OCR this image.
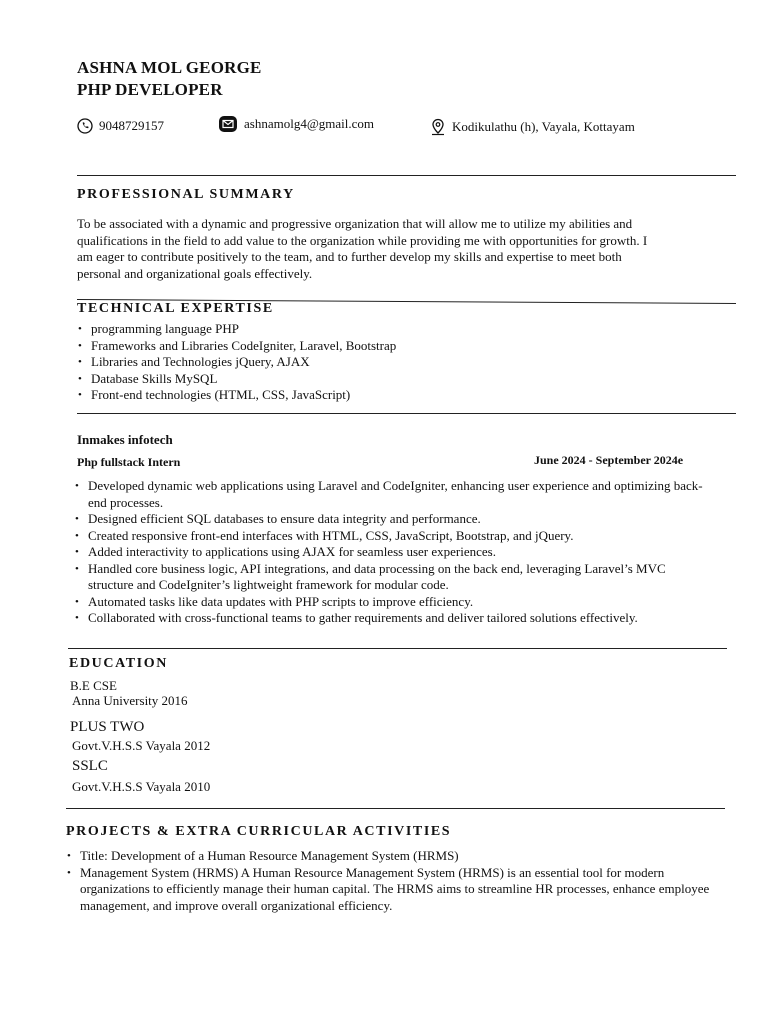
ASHNA MOL GEORGE
PHP DEVELOPER
9048729157	ashnamolg4@gmail.com	Kodikulathu (h), Vayala, Kottayam
PROFESSIONAL SUMMARY
To be associated with a dynamic and progressive organization that will allow me to utilize my abilities and
qualifications in the field to add value to the organization while providing me with opportunities for growth. I
am eager to contribute positively to the team, and to further develop my skills and expertise to meet both
personal and organizational goals effectively.
TECHNICAL EXPERTISE
• programming language PHP
• Frameworks and Libraries CodeIgniter, Laravel, Bootstrap
• Libraries and Technologies jQuery, AJAX
• Database Skills MySQL
• Front-end technologies (HTML, CSS, JavaScript)
Inmakes infotech
Php fullstack Intern	June 2024 - September 2024e
• Developed dynamic web applications using Laravel and CodeIgniter, enhancing user experience and optimizing back-end processes.
• Designed efficient SQL databases to ensure data integrity and performance.
• Created responsive front-end interfaces with HTML, CSS, JavaScript, Bootstrap, and jQuery.
• Added interactivity to applications using AJAX for seamless user experiences.
• Handled core business logic, API integrations, and data processing on the back end, leveraging Laravel’s MVC structure and CodeIgniter’s lightweight framework for modular code.
• Automated tasks like data updates with PHP scripts to improve efficiency.
• Collaborated with cross-functional teams to gather requirements and deliver tailored solutions effectively.
EDUCATION
B.E CSE
Anna University 2016
PLUS TWO
Govt.V.H.S.S Vayala 2012
SSLC
Govt.V.H.S.S Vayala 2010
PROJECTS & EXTRA CURRICULAR ACTIVITIES
• Title: Development of a Human Resource Management System (HRMS)
• Management System (HRMS) A Human Resource Management System (HRMS) is an essential tool for modern organizations to efficiently manage their human capital. The HRMS aims to streamline HR processes, enhance employee management, and improve overall organizational efficiency.
